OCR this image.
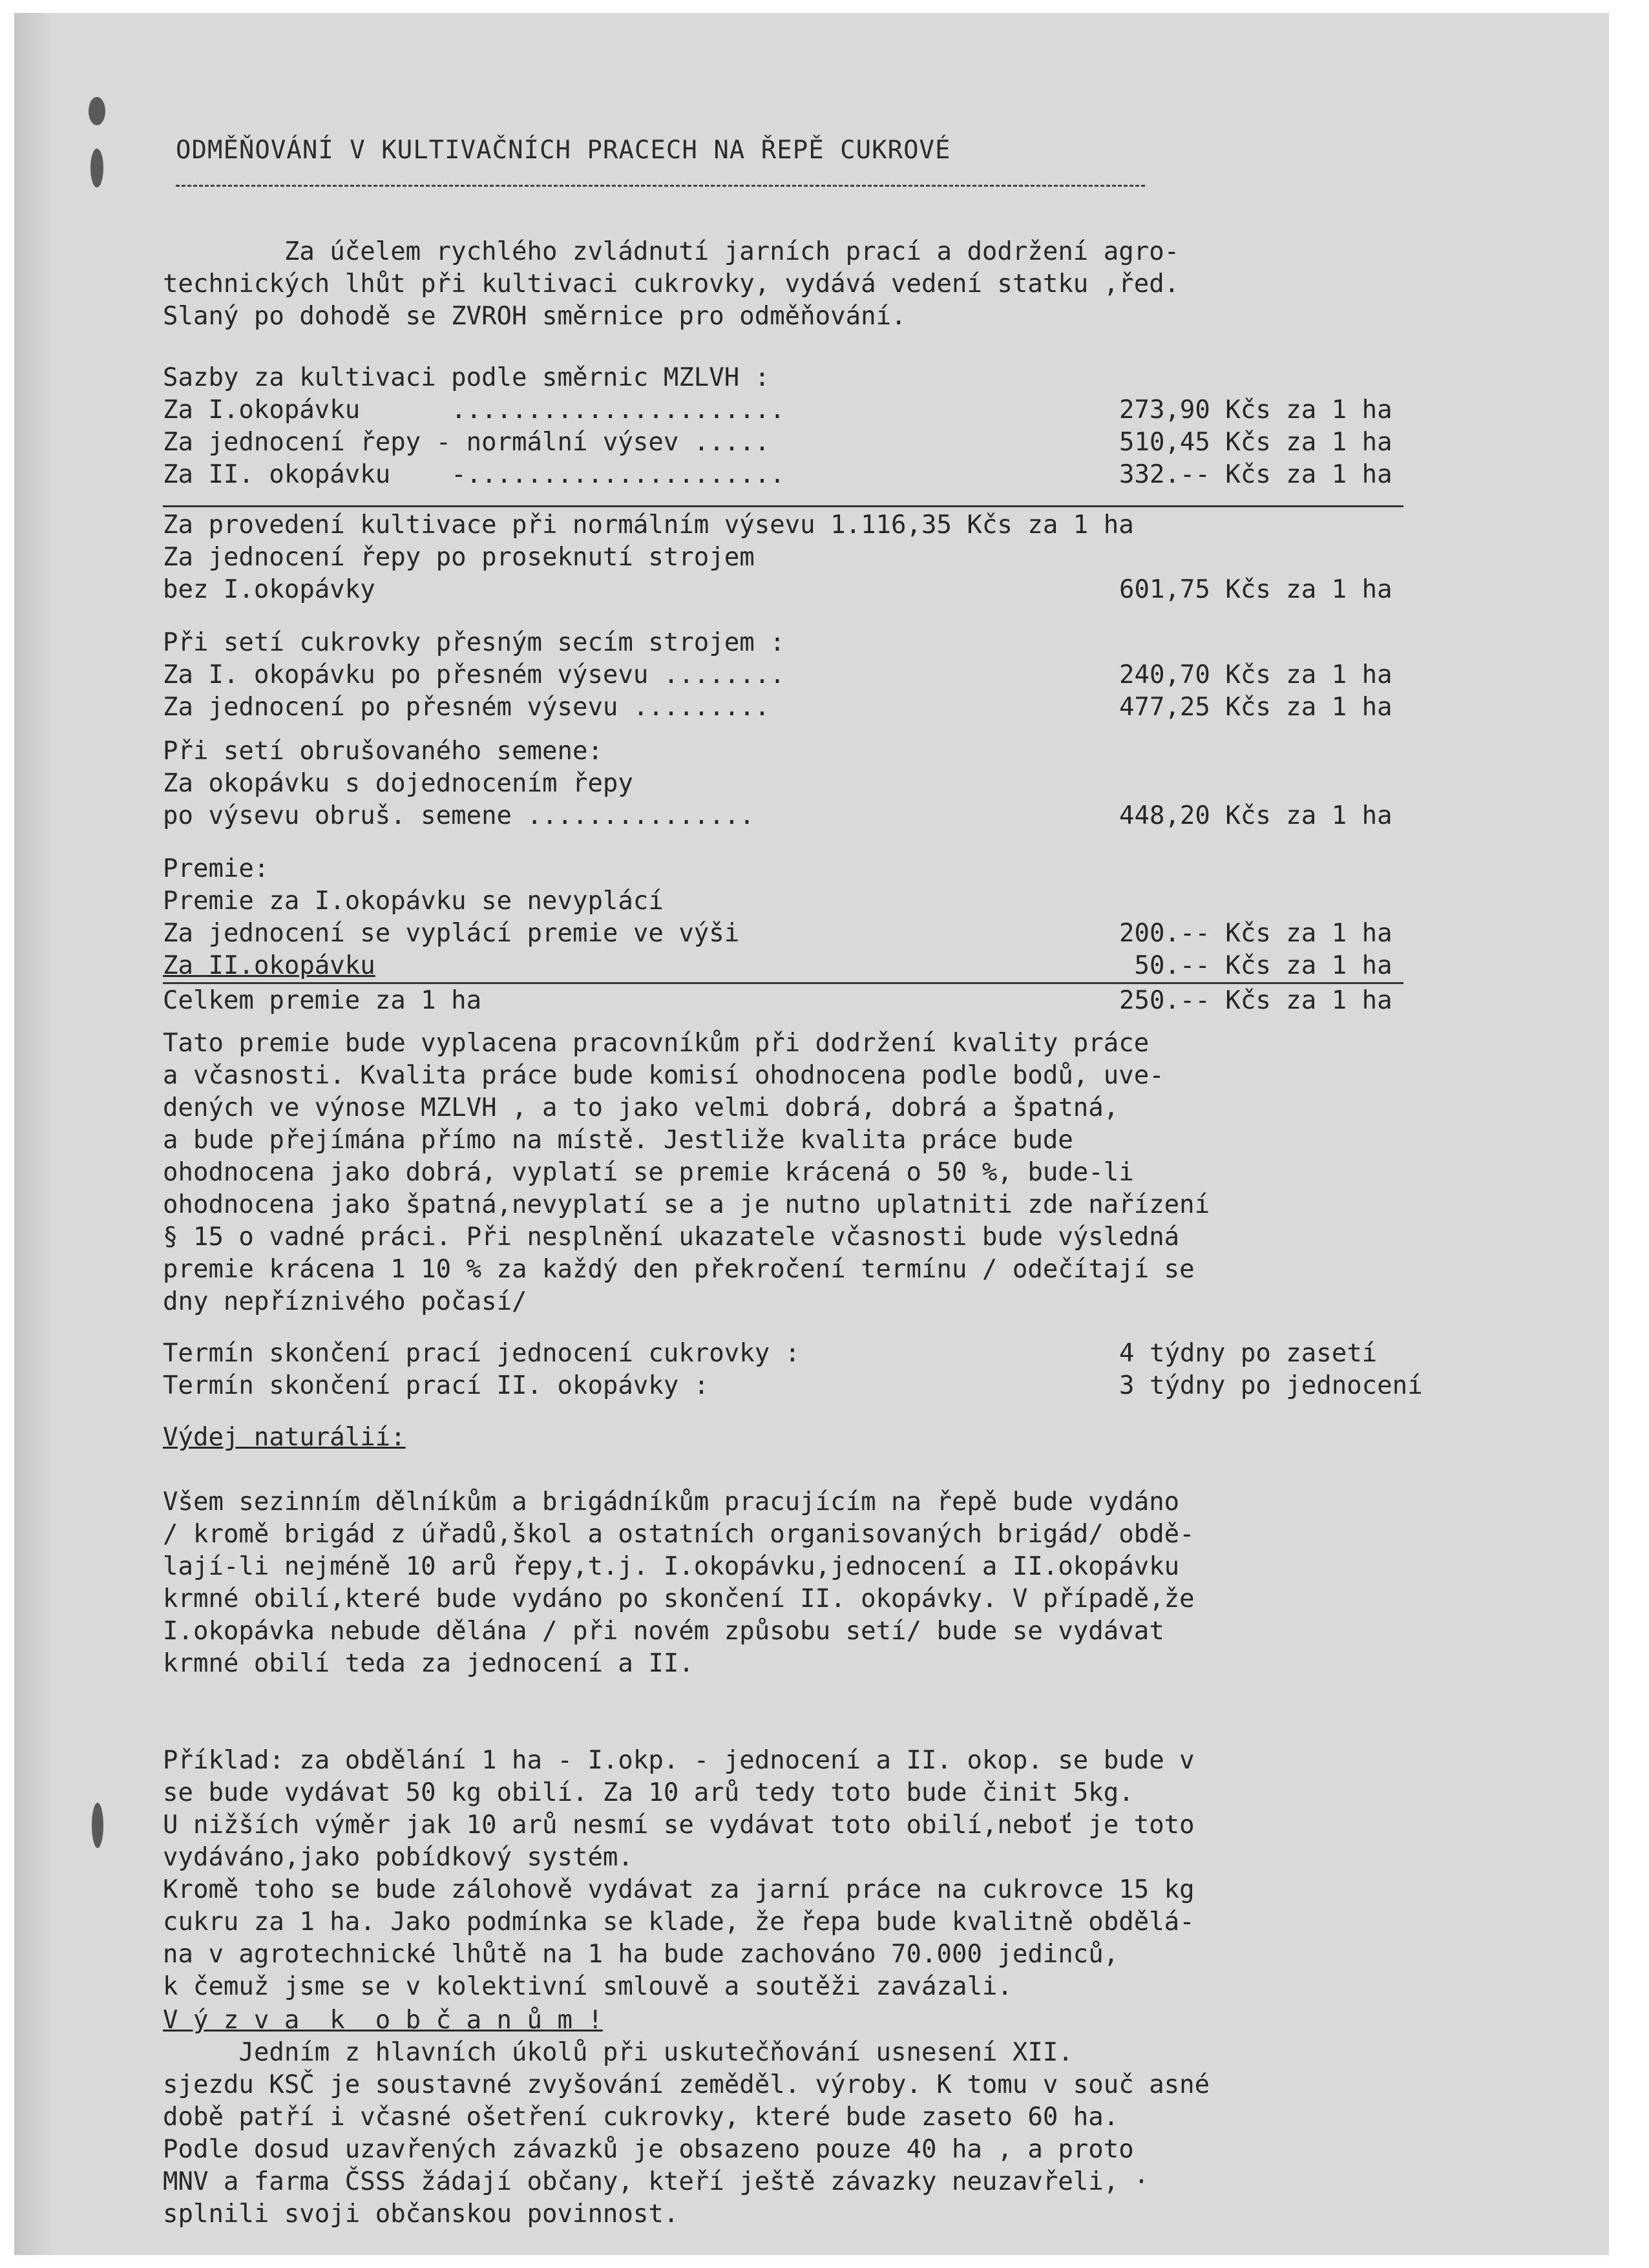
ODMĚŇOVÁNÍ V KULTIVAČNÍCH PRACECH NA ŘEPĚ CUKROVÉ
Za účelem rychlého zvládnutí jarních prací a dodržení agro-
technických lhůt při kultivaci cukrovky, vydává vedení statku ,řed.
Slaný po dohodě se ZVROH směrnice pro odměňování.
Sazby za kultivaci podle směrnic MZLVH :
Za I.okopávku      ......................	273,90 Kčs za 1 ha
Za jednocení řepy - normální výsev .....	510,45 Kčs za 1 ha
Za II. okopávku    -.....................	332.-- Kčs za 1 ha
Za provedení kultivace při normálním výsevu 1.116,35 Kčs za 1 ha
Za jednocení řepy po proseknutí strojem
bez I.okopávky	601,75 Kčs za 1 ha
Při setí cukrovky přesným secím strojem :
Za I. okopávku po přesném výsevu ........	240,70 Kčs za 1 ha
Za jednocení po přesném výsevu .........	477,25 Kčs za 1 ha
Při setí obrušovaného semene:
Za okopávku s dojednocením řepy
po výsevu obruš. semene ...............	448,20 Kčs za 1 ha
Premie:
Premie za I.okopávku se nevyplácí
Za jednocení se vyplácí premie ve výši	200.-- Kčs za 1 ha
Za II.okopávku	50.-- Kčs za 1 ha
Celkem premie za 1 ha	250.-- Kčs za 1 ha
Tato premie bude vyplacena pracovníkům při dodržení kvality práce
a včasnosti. Kvalita práce bude komisí ohodnocena podle bodů, uve-
dených ve výnose MZLVH , a to jako velmi dobrá, dobrá a špatná,
a bude přejímána přímo na místě. Jestliže kvalita práce bude
ohodnocena jako dobrá, vyplatí se premie krácená o 50 %, bude-li
ohodnocena jako špatná,nevyplatí se a je nutno uplatniti zde nařízení
§ 15 o vadné práci. Při nesplnění ukazatele včasnosti bude výsledná
premie krácena 1 10 % za každý den překročení termínu / odečítají se
dny nepříznivého počasí/
Termín skončení prací jednocení cukrovky :	4 týdny po zasetí
Termín skončení prací II. okopávky :	3 týdny po jednocení
Výdej naturálií:
Všem sezinním dělníkům a brigádníkům pracujícím na řepě bude vydáno
/ kromě brigád z úřadů,škol a ostatních organisovaných brigád/ obdě-
lají-li nejméně 10 arů řepy,t.j. I.okopávku,jednocení a II.okopávku
krmné obilí,které bude vydáno po skončení II. okopávky. V případě,že
I.okopávka nebude dělána / při novém způsobu setí/ bude se vydávat
krmné obilí teda za jednocení a II.
Příklad: za obdělání 1 ha - I.okp. - jednocení a II. okop. se bude v
se bude vydávat 50 kg obilí. Za 10 arů tedy toto bude činit 5kg.
U nižších výměr jak 10 arů nesmí se vydávat toto obilí,neboť je toto
vydáváno,jako pobídkový systém.
Kromě toho se bude zálohově vydávat za jarní práce na cukrovce 15 kg
cukru za 1 ha. Jako podmínka se klade, že řepa bude kvalitně obdělá-
na v agrotechnické lhůtě na 1 ha bude zachováno 70.000 jedinců,
k čemuž jsme se v kolektivní smlouvě a soutěži zavázali.
V ý z v a  k  o b č a n ů m !
Jedním z hlavních úkolů při uskutečňování usnesení XII.
sjezdu KSČ je soustavné zvyšování zeměděl. výroby. K tomu v souč asné
době patří i včasné ošetření cukrovky, které bude zaseto 60 ha.
Podle dosud uzavřených závazků je obsazeno pouze 40 ha , a proto
MNV a farma ČSSS žádají občany, kteří ještě závazky neuzavřeli, ·
splnili svoji občanskou povinnost.
